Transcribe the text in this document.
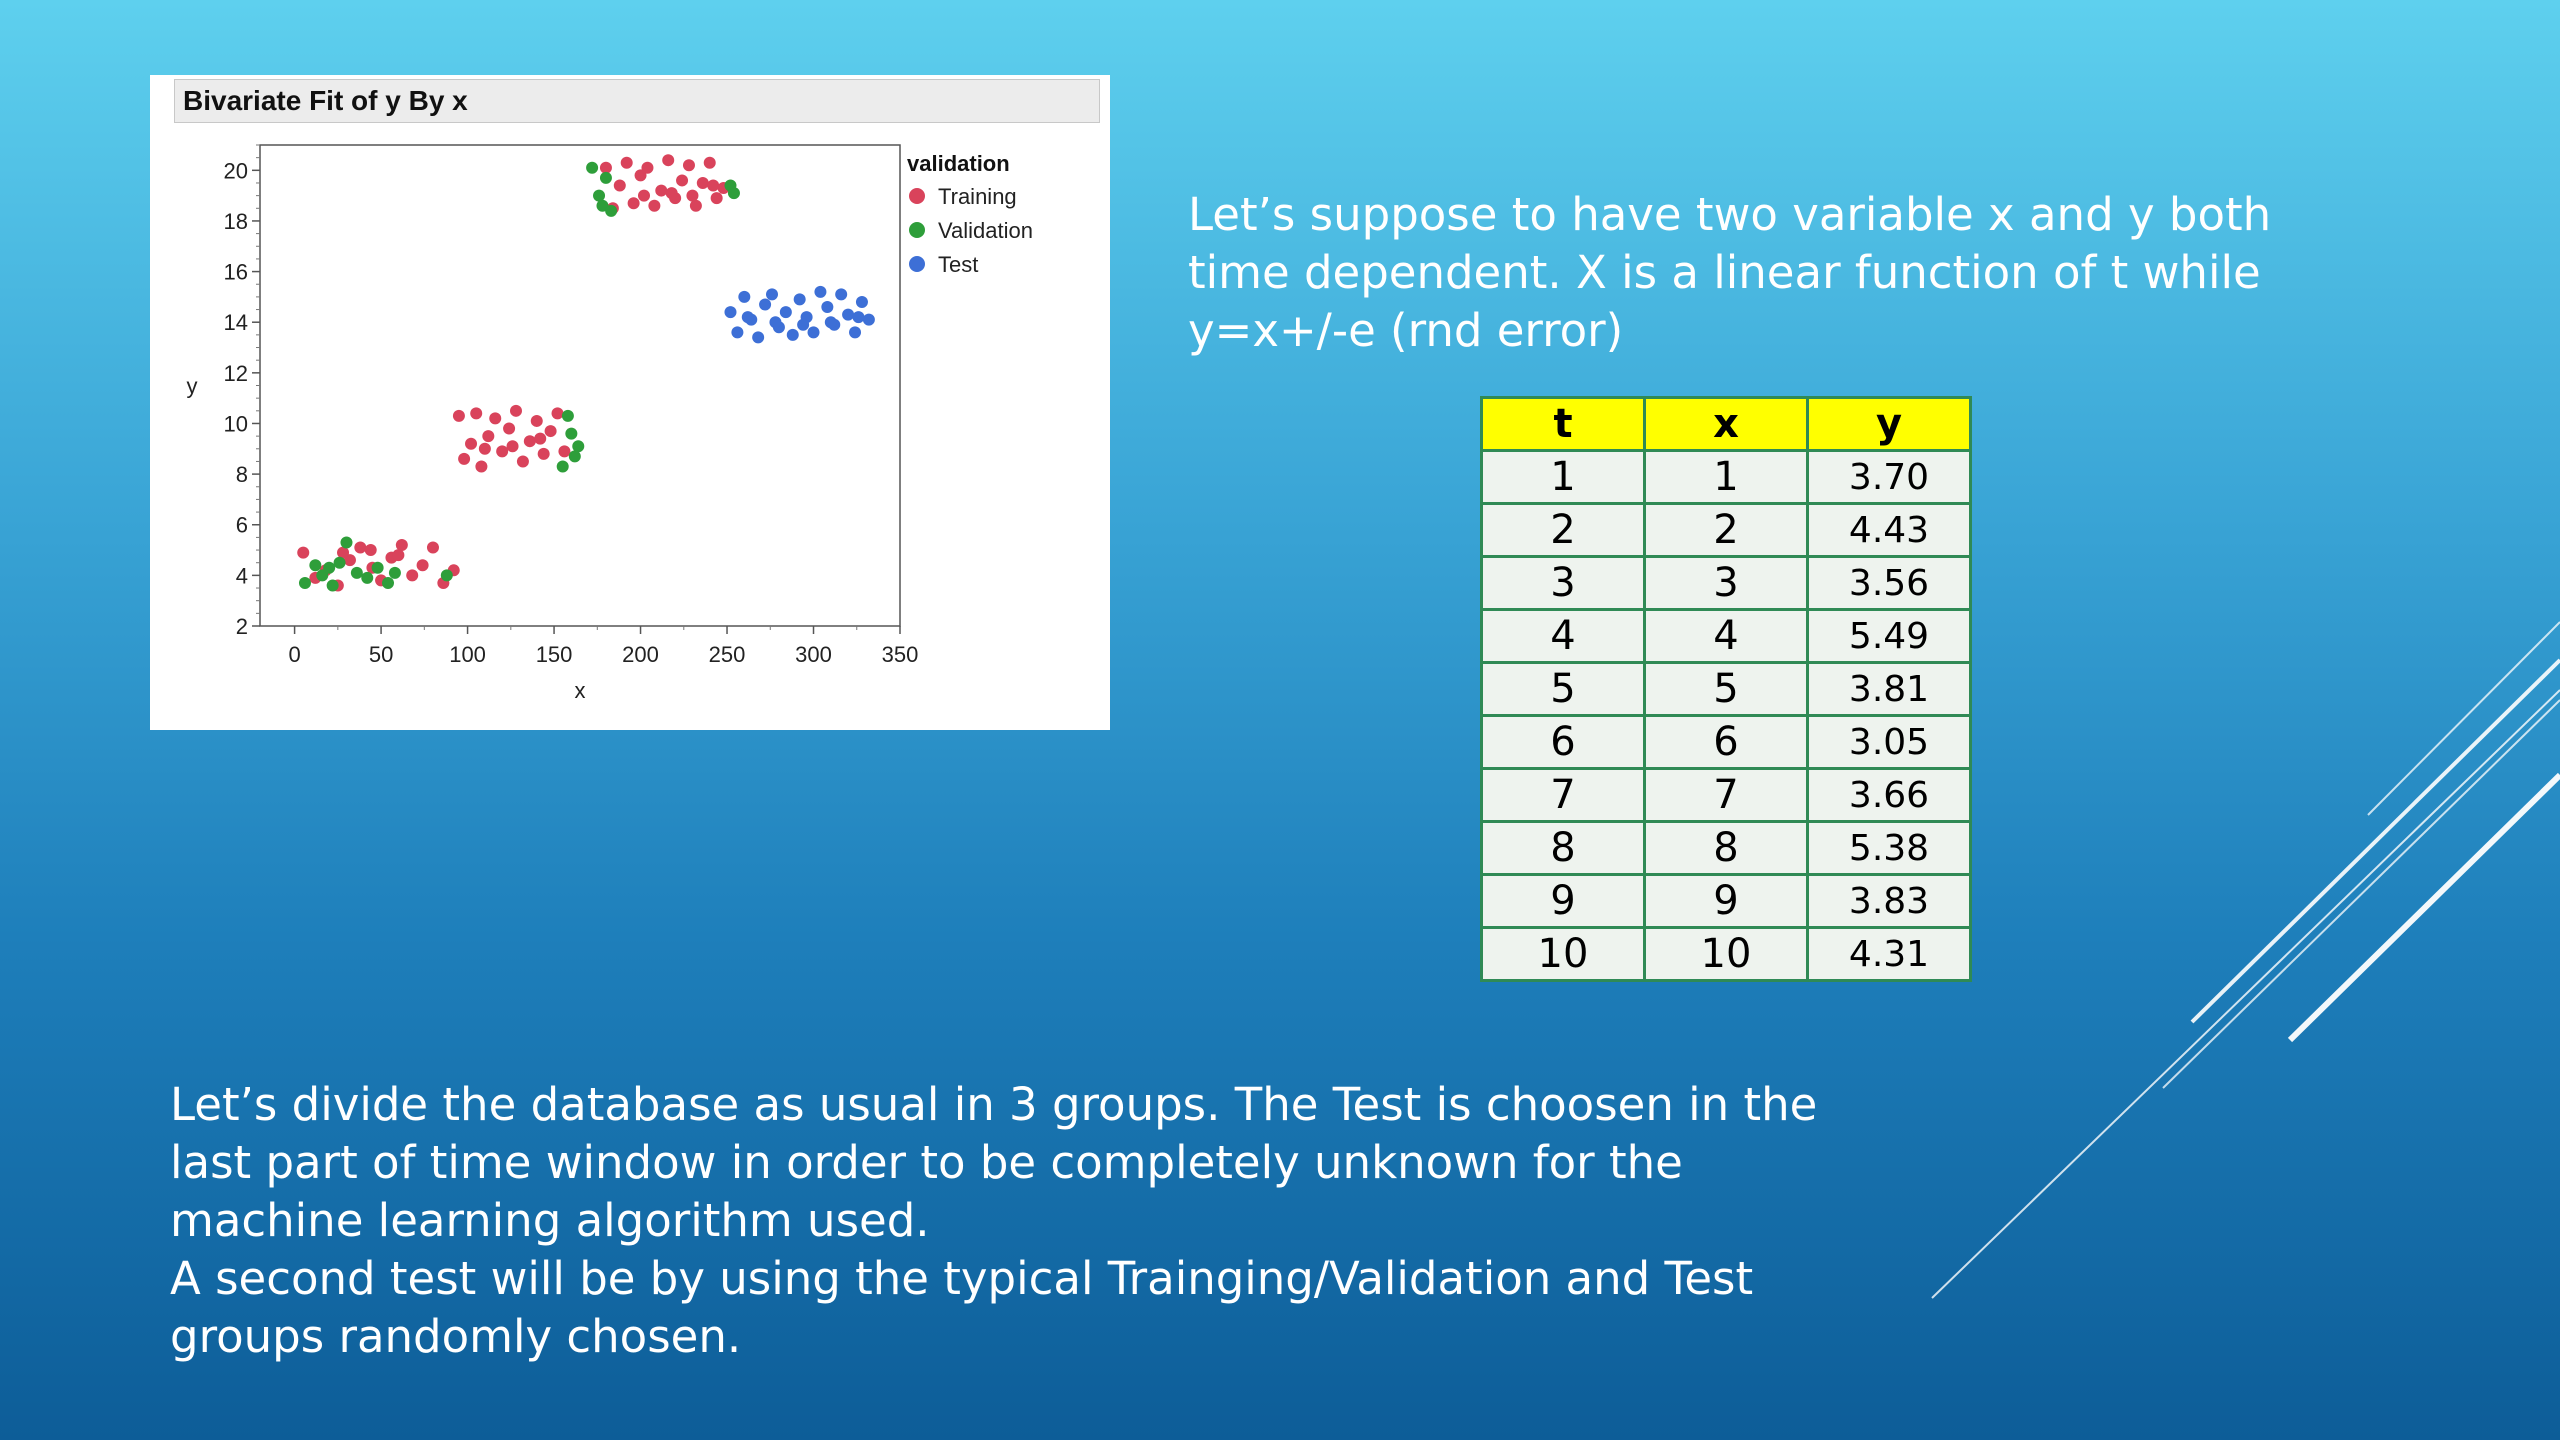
Bivariate Fit of y By x
2
4
6
8
10
12
14
16
18
20
0	50	100 150 200 250 300 350
x
y
validation
Training
Validation
Test
Let’s suppose to have two variable x and y both
time dependent. X is a linear function of t while
y=x+/-e (rnd error)
t	x	y
1	1	3.70
2	2	4.43
3	3	3.56
4	4	5.49
5	5	3.81
6	6	3.05
7	7	3.66
8	8	5.38
9	9	3.83
10	10	4.31
Let’s divide the database as usual in 3 groups. The Test is choosen in the
last part of time window in order to be completely unknown for the
machine learning algorithm used.
A second test will be by using the typical Trainging/Validation and Test
groups randomly chosen.
